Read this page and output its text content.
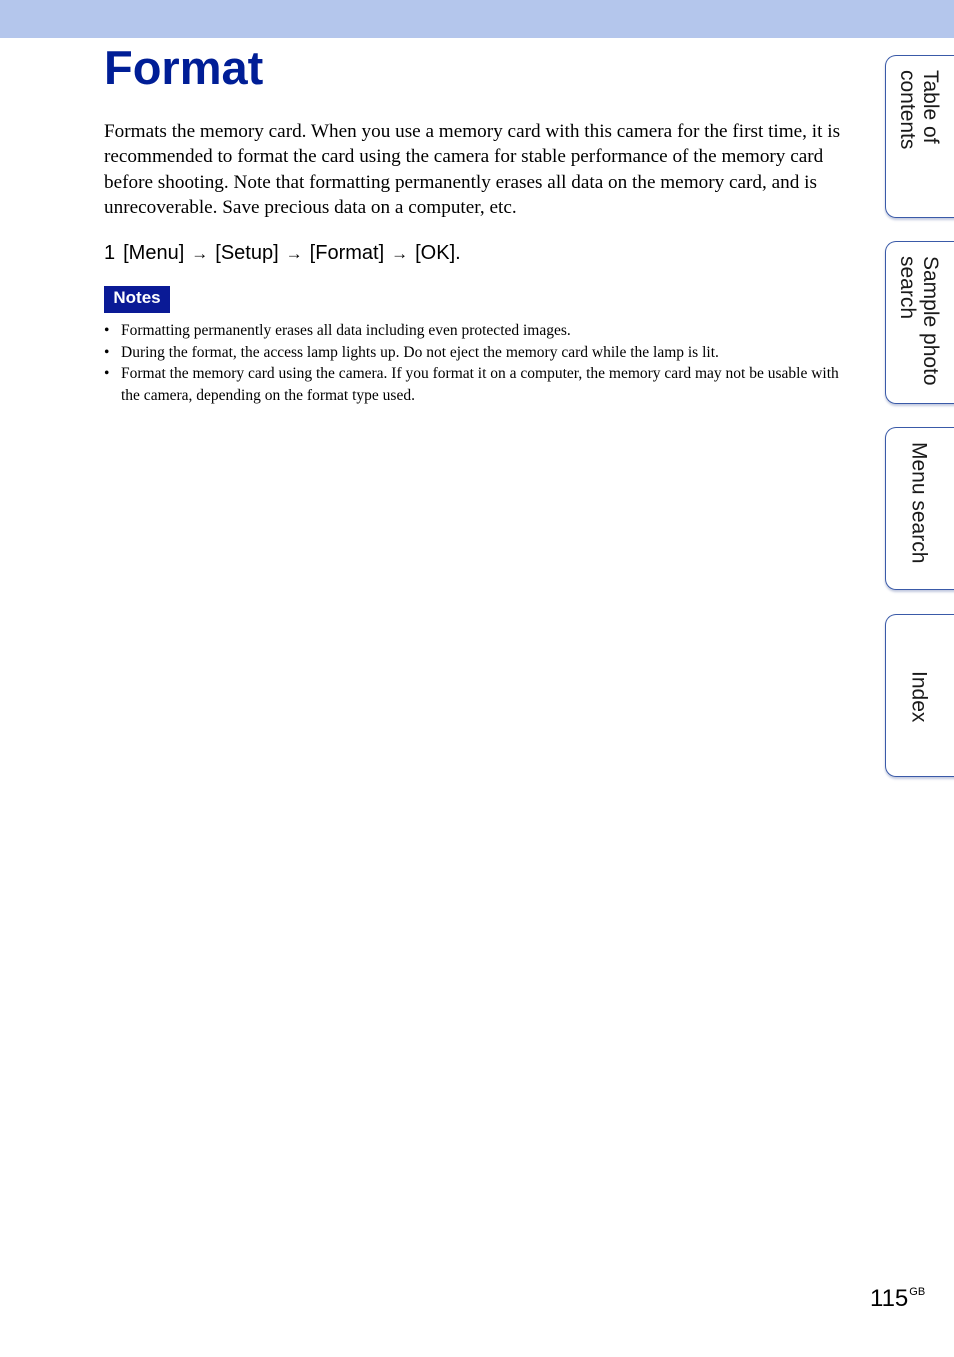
Format

Formats the memory card. When you use a memory card with this camera for the first time, it is recommended to format the card using the camera for stable performance of the memory card before shooting. Note that formatting permanently erases all data on the memory card, and is unrecoverable. Save precious data on a computer, etc.

1 [Menu] → [Setup] → [Format] → [OK].
Notes
• Formatting permanently erases all data including even protected images.
• During the format, the access lamp lights up. Do not eject the memory card while the lamp is lit.
• Format the memory card using the camera. If you format it on a computer, the memory card may not be usable with the camera, depending on the format type used.
Table of
contents
Sample photo
search
Menu search
Index
$115^{GB}$
